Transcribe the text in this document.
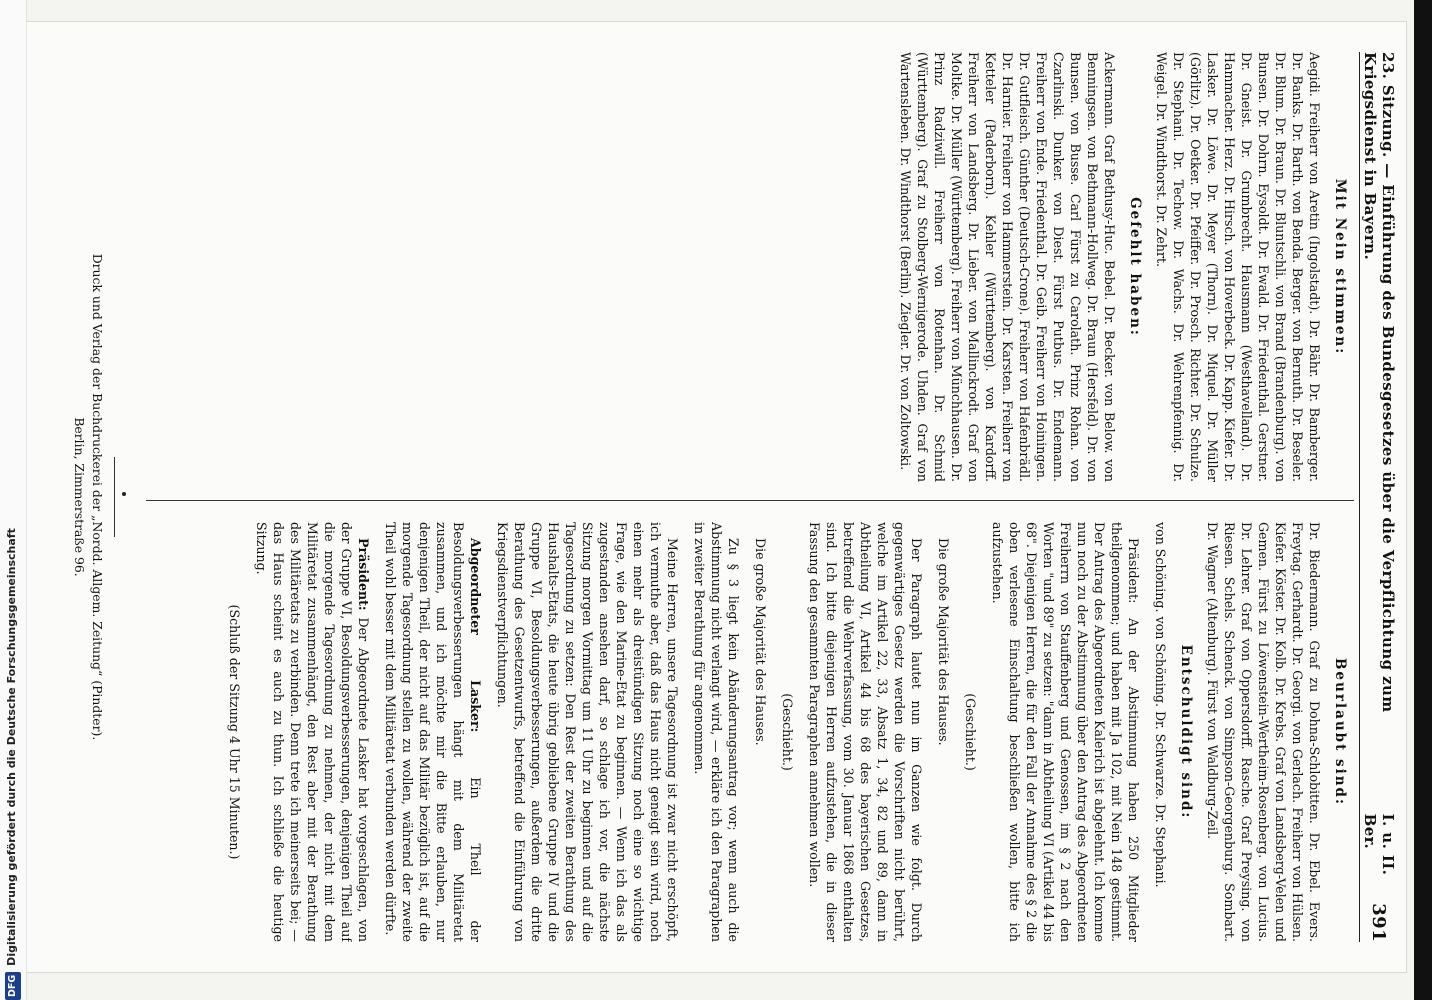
23. Sitzung. — Einführung des Bundesgesetzes über die Verpflichtung zum Kriegsdienst in Bayern.
I. u. II. Ber.
391
Mit Nein stimmen:
Aegidi. Freiherr von Aretin (Ingolstadt). Dr. Bähr. Dr. Bamberger. Dr. Banks. Dr. Barth. von Benda. Berger. von Bernuth. Dr. Beseler. Dr. Blum. Dr. Braun. Dr. Bluntschli. von Brand (Brandenburg). von Bunsen. Dr. Dohrn. Eysoldt. Dr. Ewald. Dr. Friedenthal. Gerstner. Dr. Gneist. Dr. Grumbrecht. Hausmann (Westhavelland). Dr. Hammacher. Herz. Dr. Hirsch. von Hoverbeck. Dr. Kapp. Kiefer. Dr. Lasker. Dr. Löwe. Dr. Meyer (Thorn). Dr. Miquel. Dr. Müller (Görlitz). Dr. Oetker. Dr. Pfeiffer. Dr. Prosch. Richter. Dr. Schulze. Dr. Stephani. Dr. Techow. Dr. Wachs. Dr. Wehrenpfennig. Dr. Weigel. Dr. Windthorst. Dr. Zehrt.
Gefehlt haben:
Ackermann. Graf Bethusy-Huc. Bebel. Dr. Becker. von Below. von Benningsen. von Bethmann-Hollweg. Dr. Braun (Hersfeld). Dr. von Bunsen. von Busse. Carl Fürst zu Carolath. Prinz Rohan. von Czarlinski. Dunker. von Diest. Fürst Putbus. Dr. Endemann. Freiherr von Ende. Friedenthal. Dr. Geib. Freiherr von Hoiningen. Dr. Gutfleisch. Günther (Deutsch-Crone). Freiherr von Hafenbrädl. Dr. Harnier. Freiherr von Hammerstein. Dr. Karsten. Freiherr von Ketteler (Paderborn). Kehler (Württemberg). von Kardorff. Freiherr von Landsberg. Dr. Lieber. von Mallinckrodt. Graf von Moltke. Dr. Müller (Württemberg). Freiherr von Münchhausen. Dr. Prinz Radziwill. Freiherr von Rotenhan. Dr. Schmid (Württemberg). Graf zu Stolberg-Wernigerode. Uhden. Graf von Wartensleben. Dr. Windthorst (Berlin). Ziegler. Dr. von Zoltowski.
Beurlaubt sind:
Dr. Biedermann. Graf zu Dohna-Schlobitten. Dr. Ebel. Evers. Freytag. Gerhardt. Dr. Georgi. von Gerlach. Freiherr von Hülsen. Kiefer. Köster. Dr. Kolb. Dr. Krebs. Graf von Landsberg-Velen und Gemen. Fürst zu Löwenstein-Wertheim-Rosenberg. von Lucius. Dr. Lehrer. Graf von Oppersdorff. Rasche. Graf Preysing. von Riesen. Schels. Schenck. von Simpson-Georgenburg. Sombart. Dr. Wagner (Altenburg). Fürst von Waldburg-Zeil.
Entschuldigt sind:
von Schöning. von Schöning. Dr. Schwarze. Dr. Stephani.
Präsident: An der Abstimmung haben 250 Mitglieder theilgenommen; und haben mit Ja 102, mit Nein 148 gestimmt. Der Antrag des Abgeordneten Kalerich ist abgelehnt. Ich komme nun noch zu der Abstimmung über den Antrag des Abgeordneten Freiherrn von Stauffenberg und Genossen, im § 2 nach den Worten "und 89" zu setzen: "dann in Abtheilung VI (Artikel 44 bis 68". Diejenigen Herren, die für den Fall der Annahme des § 2 die oben verlesene Einschaltung beschließen wollen, bitte ich aufzustehen.
(Geschieht.)
Die große Majorität des Hauses.
Der Paragraph lautet nun im Ganzen wie folgt. Durch gegenwärtiges Gesetz werden die Vorschriften nicht berührt, welche im Artikel 22, 33, Absatz 1, 34, 82 und 89, dann in Abtheilung VI, Artikel 44 bis 68 des bayerischen Gesetzes, betreffend die Wehrverfassung, vom 30. Januar 1868 enthalten sind. Ich bitte diejenigen Herren aufzustehen, die in dieser Fassung den gesammten Paragraphen annehmen wollen.
(Geschieht.)
Die große Majorität des Hauses.
Zu § 3 liegt kein Abänderungsantrag vor; wenn auch die Abstimmung nicht verlangt wird, — erkläre ich den Paragraphen in zweiter Berathung für angenommen.
Meine Herren, unsere Tagesordnung ist zwar nicht erschöpft, ich vermuthe aber, daß das Haus nicht geneigt sein wird, noch einen mehr als dreistündigen Sitzung noch eine so wichtige Frage, wie den Marine-Etat zu beginnen. — Wenn ich das als zugestanden ansehen darf, so schlage ich vor, die nächste Sitzung morgen Vormittag um 11 Uhr zu beginnen und auf die Tagesordnung zu setzen: Den Rest der zweiten Berathung des Haushalts-Etats, die heute übrig gebliebene Gruppe IV und die Gruppe VI, Besoldungsverbesserungen, außerdem die dritte Berathung des Gesetzentwurfs, betreffend die Einführung von Kriegsdienstverpflichtungen.
Abgeordneter Lasker: Ein Theil der Besoldungsverbesserungen hängt mit dem Militäretat zusammen, und ich möchte mir die Bitte erlauben, nur denjenigen Theil, der nicht auf das Militär bezüglich ist, auf die morgende Tagesordnung stellen zu wollen, während der zweite Theil wohl besser mit dem Militäretat verbunden werden dürfte.
Präsident: Der Abgeordnete Lasker hat vorgeschlagen, von der Gruppe VI, Besoldungsverbesserungen, denjenigen Theil auf die morgende Tagesordnung zu nehmen, der nicht mit dem Militäretat zusammenhängt, den Rest aber mit der Berathung des Militäretats zu verbinden. Denn trete ich meinerseits bei; — das Haus scheint es auch zu thun. Ich schließe die heutige Sitzung.
(Schluß der Sitzung 4 Uhr 15 Minuten.)
Druck und Verlag der Buchdruckerei der „Nordd. Allgem. Zeitung“ (Pindter).
Berlin, Zimmerstraße 96.
DFGDigitalisierung gefördert durch die Deutsche Forschungsgemeinschaft
